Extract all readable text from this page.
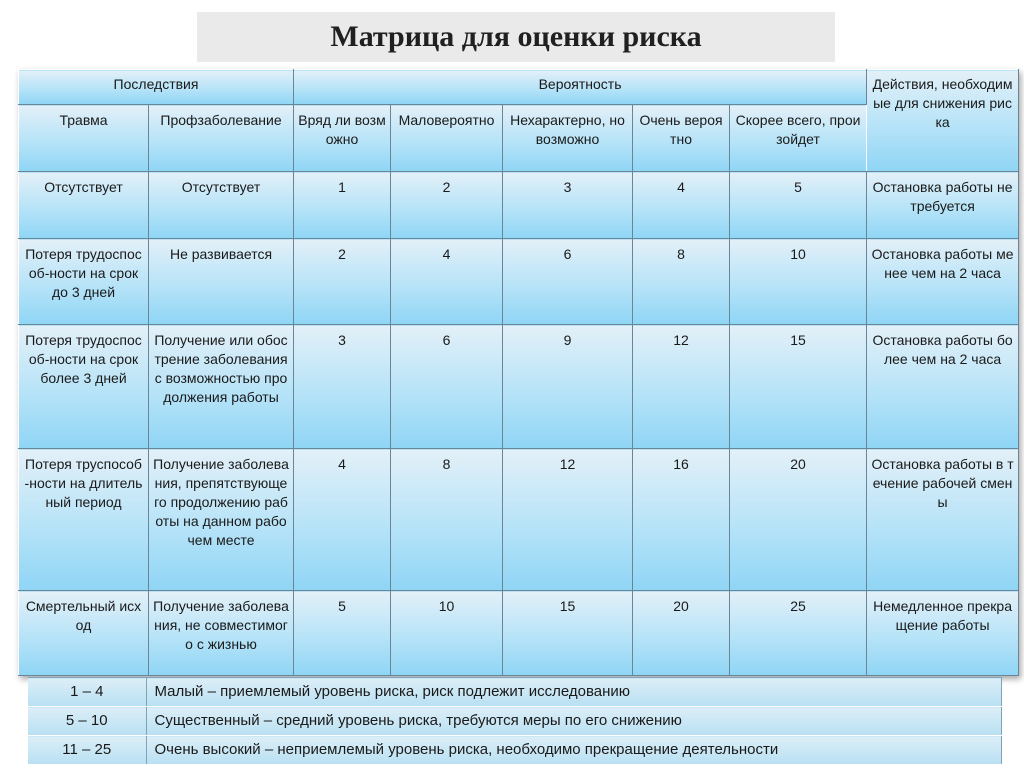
Матрица для оценки риска
Последствия		Вероятность					Действия, необходимые для снижения риска
Травма	Профзаболевание	Вряд ли возможно	Маловероятно	Нехарактерно, но возможно	Очень вероятно	Скорее всего, произойдет	
Отсутствует	Отсутствует	1	2	3	4	5	Остановка работы не требуется
Потеря трудоспособ-ности на срок до 3 дней	Не развивается	2	4	6	8	10	Остановка работы менее чем на 2 часа
Потеря трудоспособ-ности на срок более 3 дней	Получение или обострение заболевания с возможностью продолжения работы	3	6	9	12	15	Остановка работы более чем на 2 часа
Потеря труспособ-ности на длительный период	Получение заболевания, препятствующего продолжению работы на данном рабочем месте	4	8	12	16	20	Остановка работы в течение рабочей смены
Смертельный исход	Получение заболевания, не совместимого с жизнью	5	10	15	20	25	Немедленное прекращение работы
1 – 4	Малый – приемлемый уровень риска, риск подлежит исследованию
5 – 10	Существенный – средний уровень риска, требуются меры по его снижению
11 – 25	Очень высокий – неприемлемый уровень риска, необходимо прекращение деятельности
